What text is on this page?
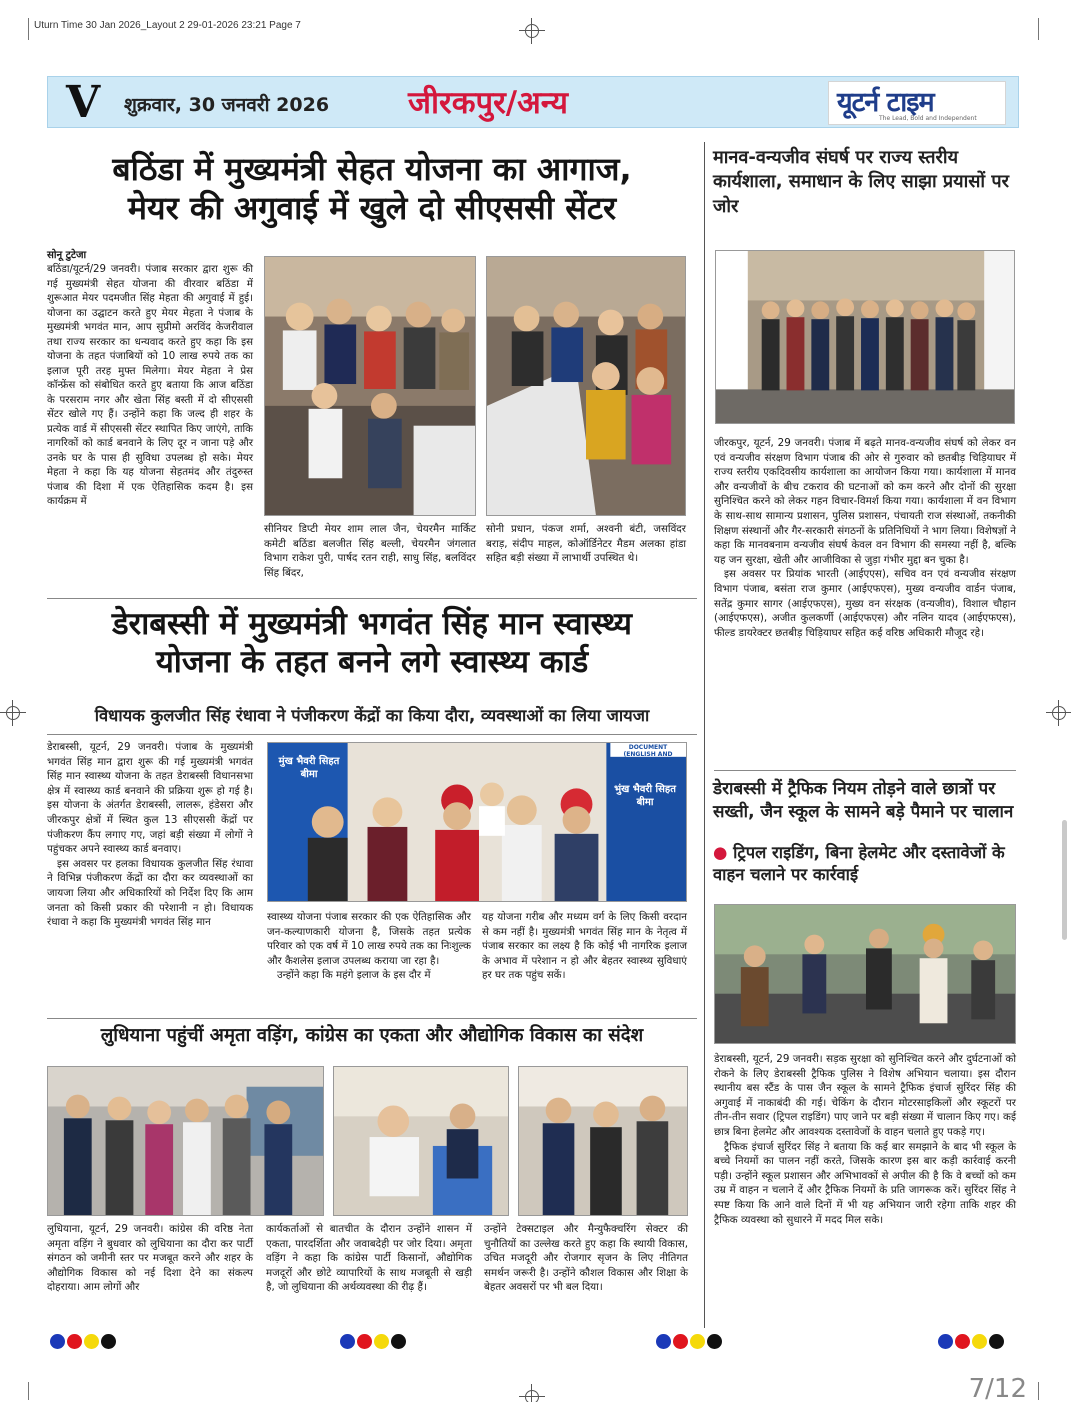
Uturn Time 30 Jan 2026_Layout 2 29-01-2026 23:21 Page 7
V शुक्रवार, 30 जनवरी 2026	जीरकपुर/अन्य	यूटर्न टाइम
The Lead, Bold and Independent
बठिंडा में मुख्यमंत्री सेहत योजना का आगाज,
मेयर की अगुवाई में खुले दो सीएससी सेंटर
सोनू टुटेजा
बठिंडा/यूटर्न/29 जनवरी। पंजाब सरकार द्वारा शुरू की गई मुख्यमंत्री सेहत योजना की वीरवार बठिंडा में शुरूआत मेयर पदमजीत सिंह मेहता की अगुवाई में हुई। योजना का उद्घाटन करते हुए मेयर मेहता ने पंजाब के मुख्यमंत्री भगवंत मान, आप सुप्रीमो अरविंद केजरीवाल तथा राज्य सरकार का धन्यवाद करते हुए कहा कि इस योजना के तहत पंजाबियों को 10 लाख रुपये तक का इलाज पूरी तरह मुफ्त मिलेगा। मेयर मेहता ने प्रेस कॉन्फ्रेंस को संबोधित करते हुए बताया कि आज बठिंडा के परसराम नगर और खेता सिंह बस्ती में दो सीएससी सेंटर खोले गए हैं। उन्होंने कहा कि जल्द ही शहर के प्रत्येक वार्ड में सीएससी सेंटर स्थापित किए जाएंगे, ताकि नागरिकों को कार्ड बनवाने के लिए दूर न जाना पड़े और उनके घर के पास ही सुविधा उपलब्ध हो सके। मेयर मेहता ने कहा कि यह योजना सेहतमंद और तंदुरुस्त पंजाब की दिशा में एक ऐतिहासिक कदम है। इस कार्यक्रम में
सीनियर डिप्टी मेयर शाम लाल जैन, चेयरमैन मार्किट कमेटी बठिंडा बलजीत सिंह बल्ली, चेयरमैन जंगलात विभाग राकेश पुरी, पार्षद रतन राही, साधु सिंह, बलविंदर सिंह बिंदर,
सोनी प्रधान, पंकज शर्मा, अश्वनी बंटी, जसविंदर बराड़, संदीप माहल, कोऑर्डिनेटर मैडम अलका हांडा सहित बड़ी संख्या में लाभार्थी उपस्थित थे।
डेराबस्सी में मुख्यमंत्री भगवंत सिंह मान स्वास्थ्य
योजना के तहत बनने लगे स्वास्थ्य कार्ड
विधायक कुलजीत सिंह रंधावा ने पंजीकरण केंद्रों का किया दौरा, व्यवस्थाओं का लिया जायजा
डेराबस्सी, यूटर्न, 29 जनवरी। पंजाब के मुख्यमंत्री भगवंत सिंह मान द्वारा शुरू की गई मुख्यमंत्री भगवंत सिंह मान स्वास्थ्य योजना के तहत डेराबस्सी विधानसभा क्षेत्र में स्वास्थ्य कार्ड बनवाने की प्रक्रिया शुरू हो गई है। इस योजना के अंतर्गत डेराबस्सी, लालरू, हंडेसरा और जीरकपुर क्षेत्रों में स्थित कुल 13 सीएससी केंद्रों पर पंजीकरण कैंप लगाए गए, जहां बड़ी संख्या में लोगों ने पहुंचकर अपने स्वास्थ्य कार्ड बनवाए।

इस अवसर पर हलका विधायक कुलजीत सिंह रंधावा ने विभिन्न पंजीकरण केंद्रों का दौरा कर व्यवस्थाओं का जायजा लिया और अधिकारियों को निर्देश दिए कि आम जनता को किसी प्रकार की परेशानी न हो। विधायक रंधावा ने कहा कि मुख्यमंत्री भगवंत सिंह मान

मुंख भैवरी सिहत बीमा
भुंख भैवरी सिहत बीमा
DOCUMENT (ENGLISH AND
स्वास्थ्य योजना पंजाब सरकार की एक ऐतिहासिक और जन-कल्याणकारी योजना है, जिसके तहत प्रत्येक परिवार को एक वर्ष में 10 लाख रुपये तक का निःशुल्क और कैशलेस इलाज उपलब्ध कराया जा रहा है।

उन्होंने कहा कि महंगे इलाज के इस दौर में

यह योजना गरीब और मध्यम वर्ग के लिए किसी वरदान से कम नहीं है। मुख्यमंत्री भगवंत सिंह मान के नेतृत्व में पंजाब सरकार का लक्ष्य है कि कोई भी नागरिक इलाज के अभाव में परेशान न हो और बेहतर स्वास्थ्य सुविधाएं हर घर तक पहुंच सकें।
लुधियाना पहुंचीं अमृता वड़िंग, कांग्रेस का एकता और औद्योगिक विकास का संदेश
लुधियाना, यूटर्न, 29 जनवरी। कांग्रेस की वरिष्ठ नेता अमृता वड़िंग ने बुधवार को लुधियाना का दौरा कर पार्टी संगठन को जमीनी स्तर पर मजबूत करने और शहर के औद्योगिक विकास को नई दिशा देने का संकल्प दोहराया। आम लोगों और
कार्यकर्ताओं से बातचीत के दौरान उन्होंने शासन में एकता, पारदर्शिता और जवाबदेही पर जोर दिया। अमृता वड़िंग ने कहा कि कांग्रेस पार्टी किसानों, औद्योगिक मजदूरों और छोटे व्यापारियों के साथ मजबूती से खड़ी है, जो लुधियाना की अर्थव्यवस्था की रीढ़ हैं।
उन्होंने टेक्सटाइल और मैन्युफैक्चरिंग सेक्टर की चुनौतियों का उल्लेख करते हुए कहा कि स्थायी विकास, उचित मजदूरी और रोजगार सृजन के लिए नीतिगत समर्थन जरूरी है। उन्होंने कौशल विकास और शिक्षा के बेहतर अवसरों पर भी बल दिया।
मानव-वन्यजीव संघर्ष पर राज्य स्तरीय कार्यशाला, समाधान के लिए साझा प्रयासों पर जोर
जीरकपुर, यूटर्न, 29 जनवरी। पंजाब में बढ़ते मानव-वन्यजीव संघर्ष को लेकर वन एवं वन्यजीव संरक्षण विभाग पंजाब की ओर से गुरुवार को छतबीड़ चिड़ियाघर में राज्य स्तरीय एकदिवसीय कार्यशाला का आयोजन किया गया। कार्यशाला में मानव और वन्यजीवों के बीच टकराव की घटनाओं को कम करने और दोनों की सुरक्षा सुनिश्चित करने को लेकर गहन विचार-विमर्श किया गया। कार्यशाला में वन विभाग के साथ-साथ सामान्य प्रशासन, पुलिस प्रशासन, पंचायती राज संस्थाओं, तकनीकी शिक्षण संस्थानों और गैर-सरकारी संगठनों के प्रतिनिधियों ने भाग लिया। विशेषज्ञों ने कहा कि मानवबनाम वन्यजीव संघर्ष केवल वन विभाग की समस्या नहीं है, बल्कि यह जन सुरक्षा, खेती और आजीविका से जुड़ा गंभीर मुद्दा बन चुका है।

इस अवसर पर प्रियांक भारती (आईएएस), सचिव वन एवं वन्यजीव संरक्षण विभाग पंजाब, बसंता राज कुमार (आईएफएस), मुख्य वन्यजीव वार्डन पंजाब, सतेंद्र कुमार सागर (आईएफएस), मुख्य वन संरक्षक (वन्यजीव), विशाल चौहान (आईएफएस), अजीत कुलकर्णी (आईएफएस) और नलिन यादव (आईएफएस), फील्ड डायरेक्टर छतबीड़ चिड़ियाघर सहित कई वरिष्ठ अधिकारी मौजूद रहे।

डेराबस्सी में ट्रैफिक नियम तोड़ने वाले छात्रों पर सख्ती, जैन स्कूल के सामने बड़े पैमाने पर चालान
● ट्रिपल राइडिंग, बिना हेलमेट और दस्तावेजों के वाहन चलाने पर कार्रवाई
डेराबस्सी, यूटर्न, 29 जनवरी। सड़क सुरक्षा को सुनिश्चित करने और दुर्घटनाओं को रोकने के लिए डेराबस्सी ट्रैफिक पुलिस ने विशेष अभियान चलाया। इस दौरान स्थानीय बस स्टैंड के पास जैन स्कूल के सामने ट्रैफिक इंचार्ज सुरिंदर सिंह की अगुवाई में नाकाबंदी की गई। चेकिंग के दौरान मोटरसाइकिलों और स्कूटरों पर तीन-तीन सवार (ट्रिपल राइडिंग) पाए जाने पर बड़ी संख्या में चालान किए गए। कई छात्र बिना हेलमेट और आवश्यक दस्तावेजों के वाहन चलाते हुए पकड़े गए।

ट्रैफिक इंचार्ज सुरिंदर सिंह ने बताया कि कई बार समझाने के बाद भी स्कूल के बच्चे नियमों का पालन नहीं करते, जिसके कारण इस बार कड़ी कार्रवाई करनी पड़ी। उन्होंने स्कूल प्रशासन और अभिभावकों से अपील की है कि वे बच्चों को कम उम्र में वाहन न चलाने दें और ट्रैफिक नियमों के प्रति जागरूक करें। सुरिंदर सिंह ने स्पष्ट किया कि आने वाले दिनों में भी यह अभियान जारी रहेगा ताकि शहर की ट्रैफिक व्यवस्था को सुधारने में मदद मिल सके।

7/12
